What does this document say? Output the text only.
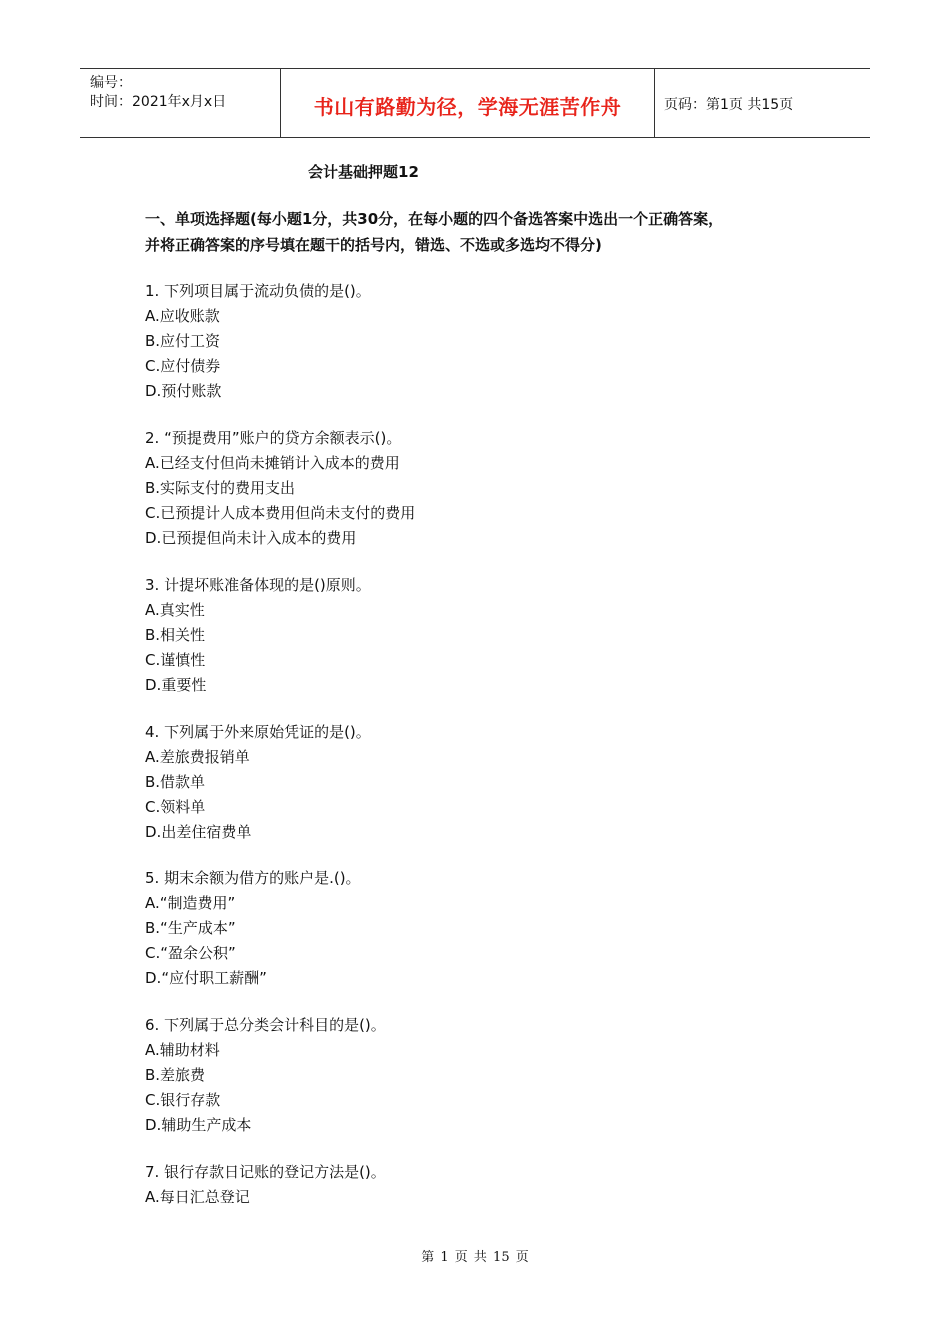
编号：
时间：2021年x月x日	书山有路勤为径，学海无涯苦作舟	页码：第1页 共15页
会计基础押题12
一、单项选择题(每小题1分，共30分，在每小题的四个备选答案中选出一个正确答案，
并将正确答案的序号填在题干的括号内，错选、不选或多选均不得分)
1. 下列项目属于流动负债的是()。
A.应收账款
B.应付工资
C.应付债券
D.预付账款
2. “预提费用”账户的贷方余额表示()。
A.已经支付但尚未摊销计入成本的费用
B.实际支付的费用支出
C.已预提计人成本费用但尚未支付的费用
D.已预提但尚未计入成本的费用
3. 计提坏账准备体现的是()原则。
A.真实性
B.相关性
C.谨慎性
D.重要性
4. 下列属于外来原始凭证的是()。
A.差旅费报销单
B.借款单
C.领料单
D.出差住宿费单
5. 期末余额为借方的账户是.()。
A.“制造费用”
B.“生产成本”
C.“盈余公积”
D.“应付职工薪酬”
6. 下列属于总分类会计科目的是()。
A.辅助材料
B.差旅费
C.银行存款
D.辅助生产成本
7. 银行存款日记账的登记方法是()。
A.每日汇总登记
第 1 页 共 15 页
